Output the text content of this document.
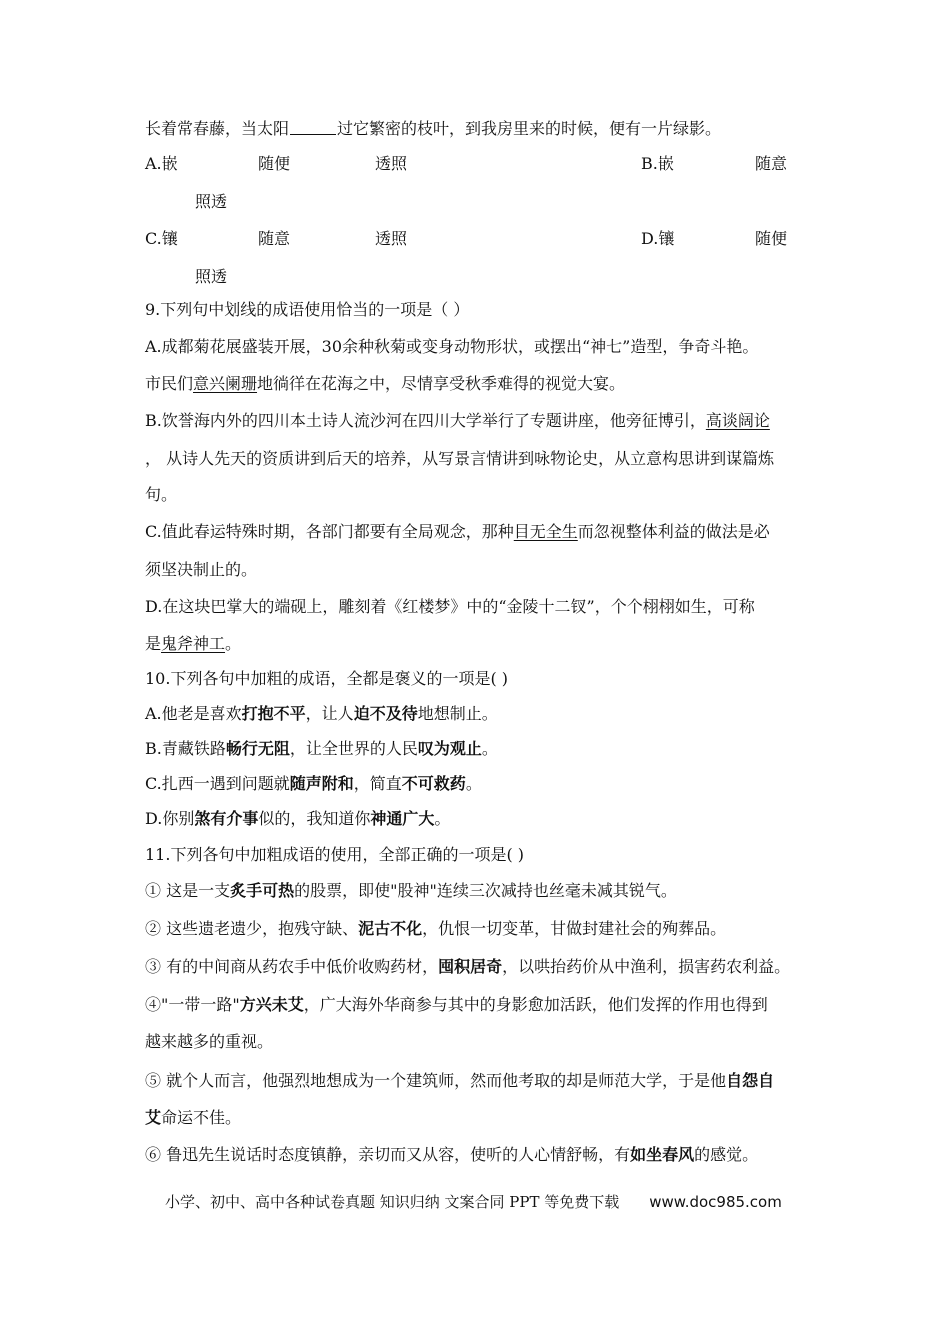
长着常春藤，当太阳	过它繁密的枝叶，到我房里来的时候，便有一片绿影。
A.嵌	随便	透照	B.嵌	随意
照透
C.镶	随意	透照	D.镶	随便
照透
9.下列句中划线的成语使用恰当的一项是（ ）
A.成都菊花展盛装开展，30余种秋菊或变身动物形状，或摆出“神七”造型，争奇斗艳。
市民们意兴阑珊地徜徉在花海之中，尽情享受秋季难得的视觉大宴。
B.饮誉海内外的四川本土诗人流沙河在四川大学举行了专题讲座，他旁征博引，高谈阔论
， 从诗人先天的资质讲到后天的培养，从写景言情讲到咏物论史，从立意构思讲到谋篇炼
句。
C.值此春运特殊时期，各部门都要有全局观念，那种目无全生而忽视整体利益的做法是必
须坚决制止的。
D.在这块巴掌大的端砚上，雕刻着《红楼梦》中的“金陵十二钗”，个个栩栩如生，可称
是鬼斧神工。
10.下列各句中加粗的成语，全都是褒义的一项是( )
A.他老是喜欢打抱不平，让人迫不及待地想制止。
B.青藏铁路畅行无阻，让全世界的人民叹为观止。
C.扎西一遇到问题就随声附和，简直不可救药。
D.你别煞有介事似的，我知道你神通广大。
11.下列各句中加粗成语的使用，全部正确的一项是( )
① 这是一支炙手可热的股票，即使"股神"连续三次减持也丝毫未减其锐气。
② 这些遗老遗少，抱残守缺、泥古不化，仇恨一切变革，甘做封建社会的殉葬品。
③ 有的中间商从药农手中低价收购药材，囤积居奇，以哄抬药价从中渔利，损害药农利益。
④"一带一路"方兴未艾，广大海外华商参与其中的身影愈加活跃，他们发挥的作用也得到
越来越多的重视。
⑤ 就个人而言，他强烈地想成为一个建筑师，然而他考取的却是师范大学，于是他自怨自
艾命运不佳。
⑥ 鲁迅先生说话时态度镇静，亲切而又从容，使听的人心情舒畅，有如坐春风的感觉。
小学、初中、高中各种试卷真题 知识归纳 文案合同 PPT 等免费下载 www.doc985.com
